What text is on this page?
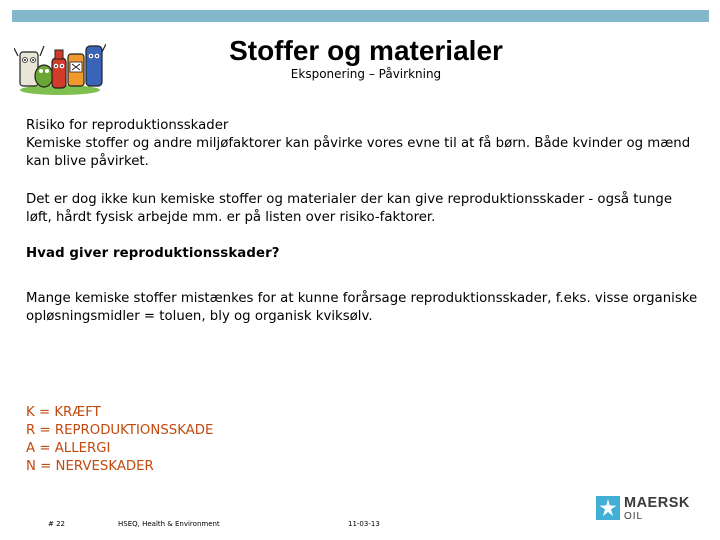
Stoffer og materialer
Eksponering – Påvirkning
Risiko for reproduktionsskader
Kemiske stoffer og andre miljøfaktorer kan påvirke vores evne til at få børn. Både kvinder og mænd kan blive påvirket.
Det er dog ikke kun kemiske stoffer og materialer der kan give reproduktionsskader - også tunge løft, hårdt fysisk arbejde mm. er på listen over risiko-faktorer.
Hvad giver reproduktionsskader?
Mange kemiske stoffer mistænkes for at kunne forårsage reproduktionsskader, f.eks. visse organiske opløsningsmidler = toluen, bly og organisk kviksølv.
K = KRÆFT
R = REPRODUKTIONSSKADE
A = ALLERGI
N = NERVESKADER
# 22	HSEQ, Health & Environment	11-03-13
MAERSK
OIL
